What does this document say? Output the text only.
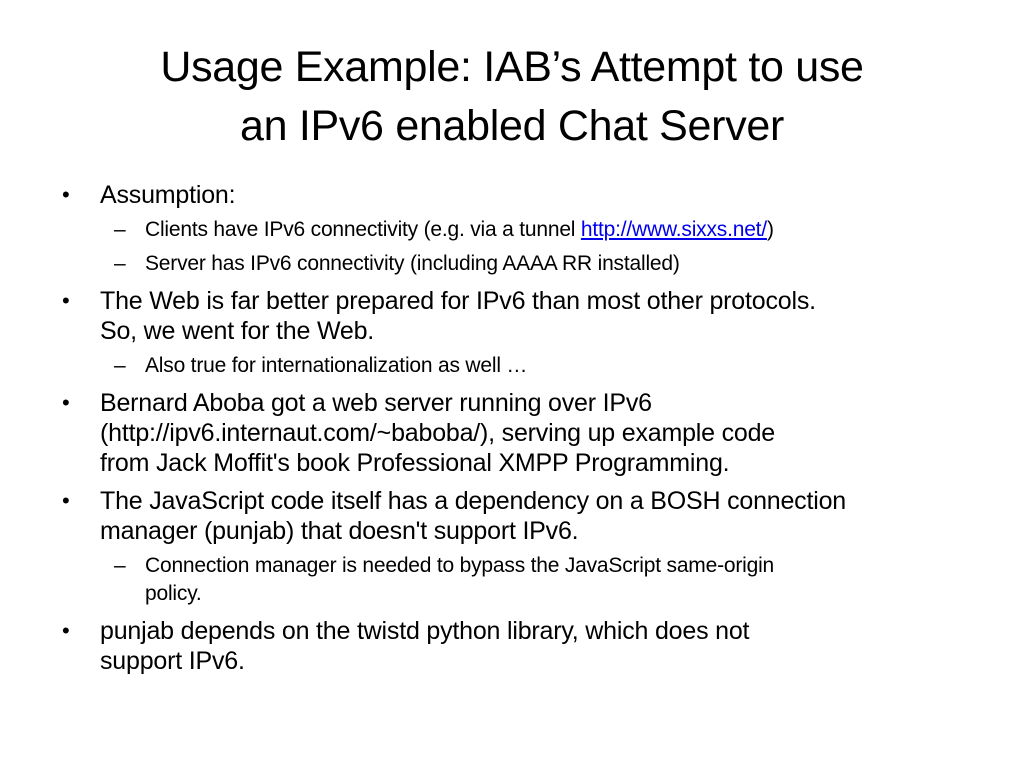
Usage Example: IAB’s Attempt to use
an IPv6 enabled Chat Server
•	Assumption:
– Clients have IPv6 connectivity (e.g. via a tunnel http://www.sixxs.net/)
– Server has IPv6 connectivity (including AAAA RR installed)
•	The Web is far better prepared for IPv6 than most other protocols.
So, we went for the Web.
– Also true for internationalization as well …
•	Bernard Aboba got a web server running over IPv6
(http://ipv6.internaut.com/~baboba/), serving up example code
from Jack Moffit's book Professional XMPP Programming.
•	The JavaScript code itself has a dependency on a BOSH connection
manager (punjab) that doesn't support IPv6.
– Connection manager is needed to bypass the JavaScript same-origin
policy.
•	punjab depends on the twistd python library, which does not
support IPv6.
